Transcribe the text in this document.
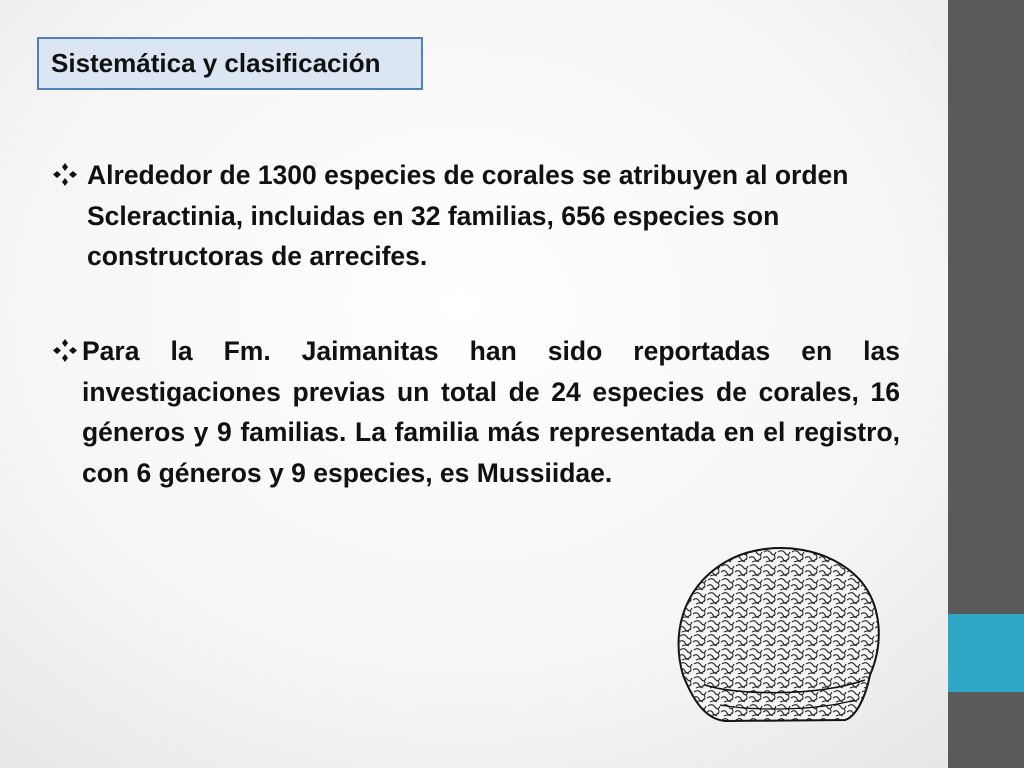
Sistemática y clasificación
Alrededor de 1300 especies de corales se atribuyen al orden Scleractinia, incluidas en 32 familias, 656 especies son constructoras de arrecifes.
Para la Fm. Jaimanitas han sido reportadas en las investigaciones previas un total de 24 especies de corales, 16 géneros y 9 familias. La familia más representada en el registro, con 6 géneros y 9 especies, es Mussiidae.
